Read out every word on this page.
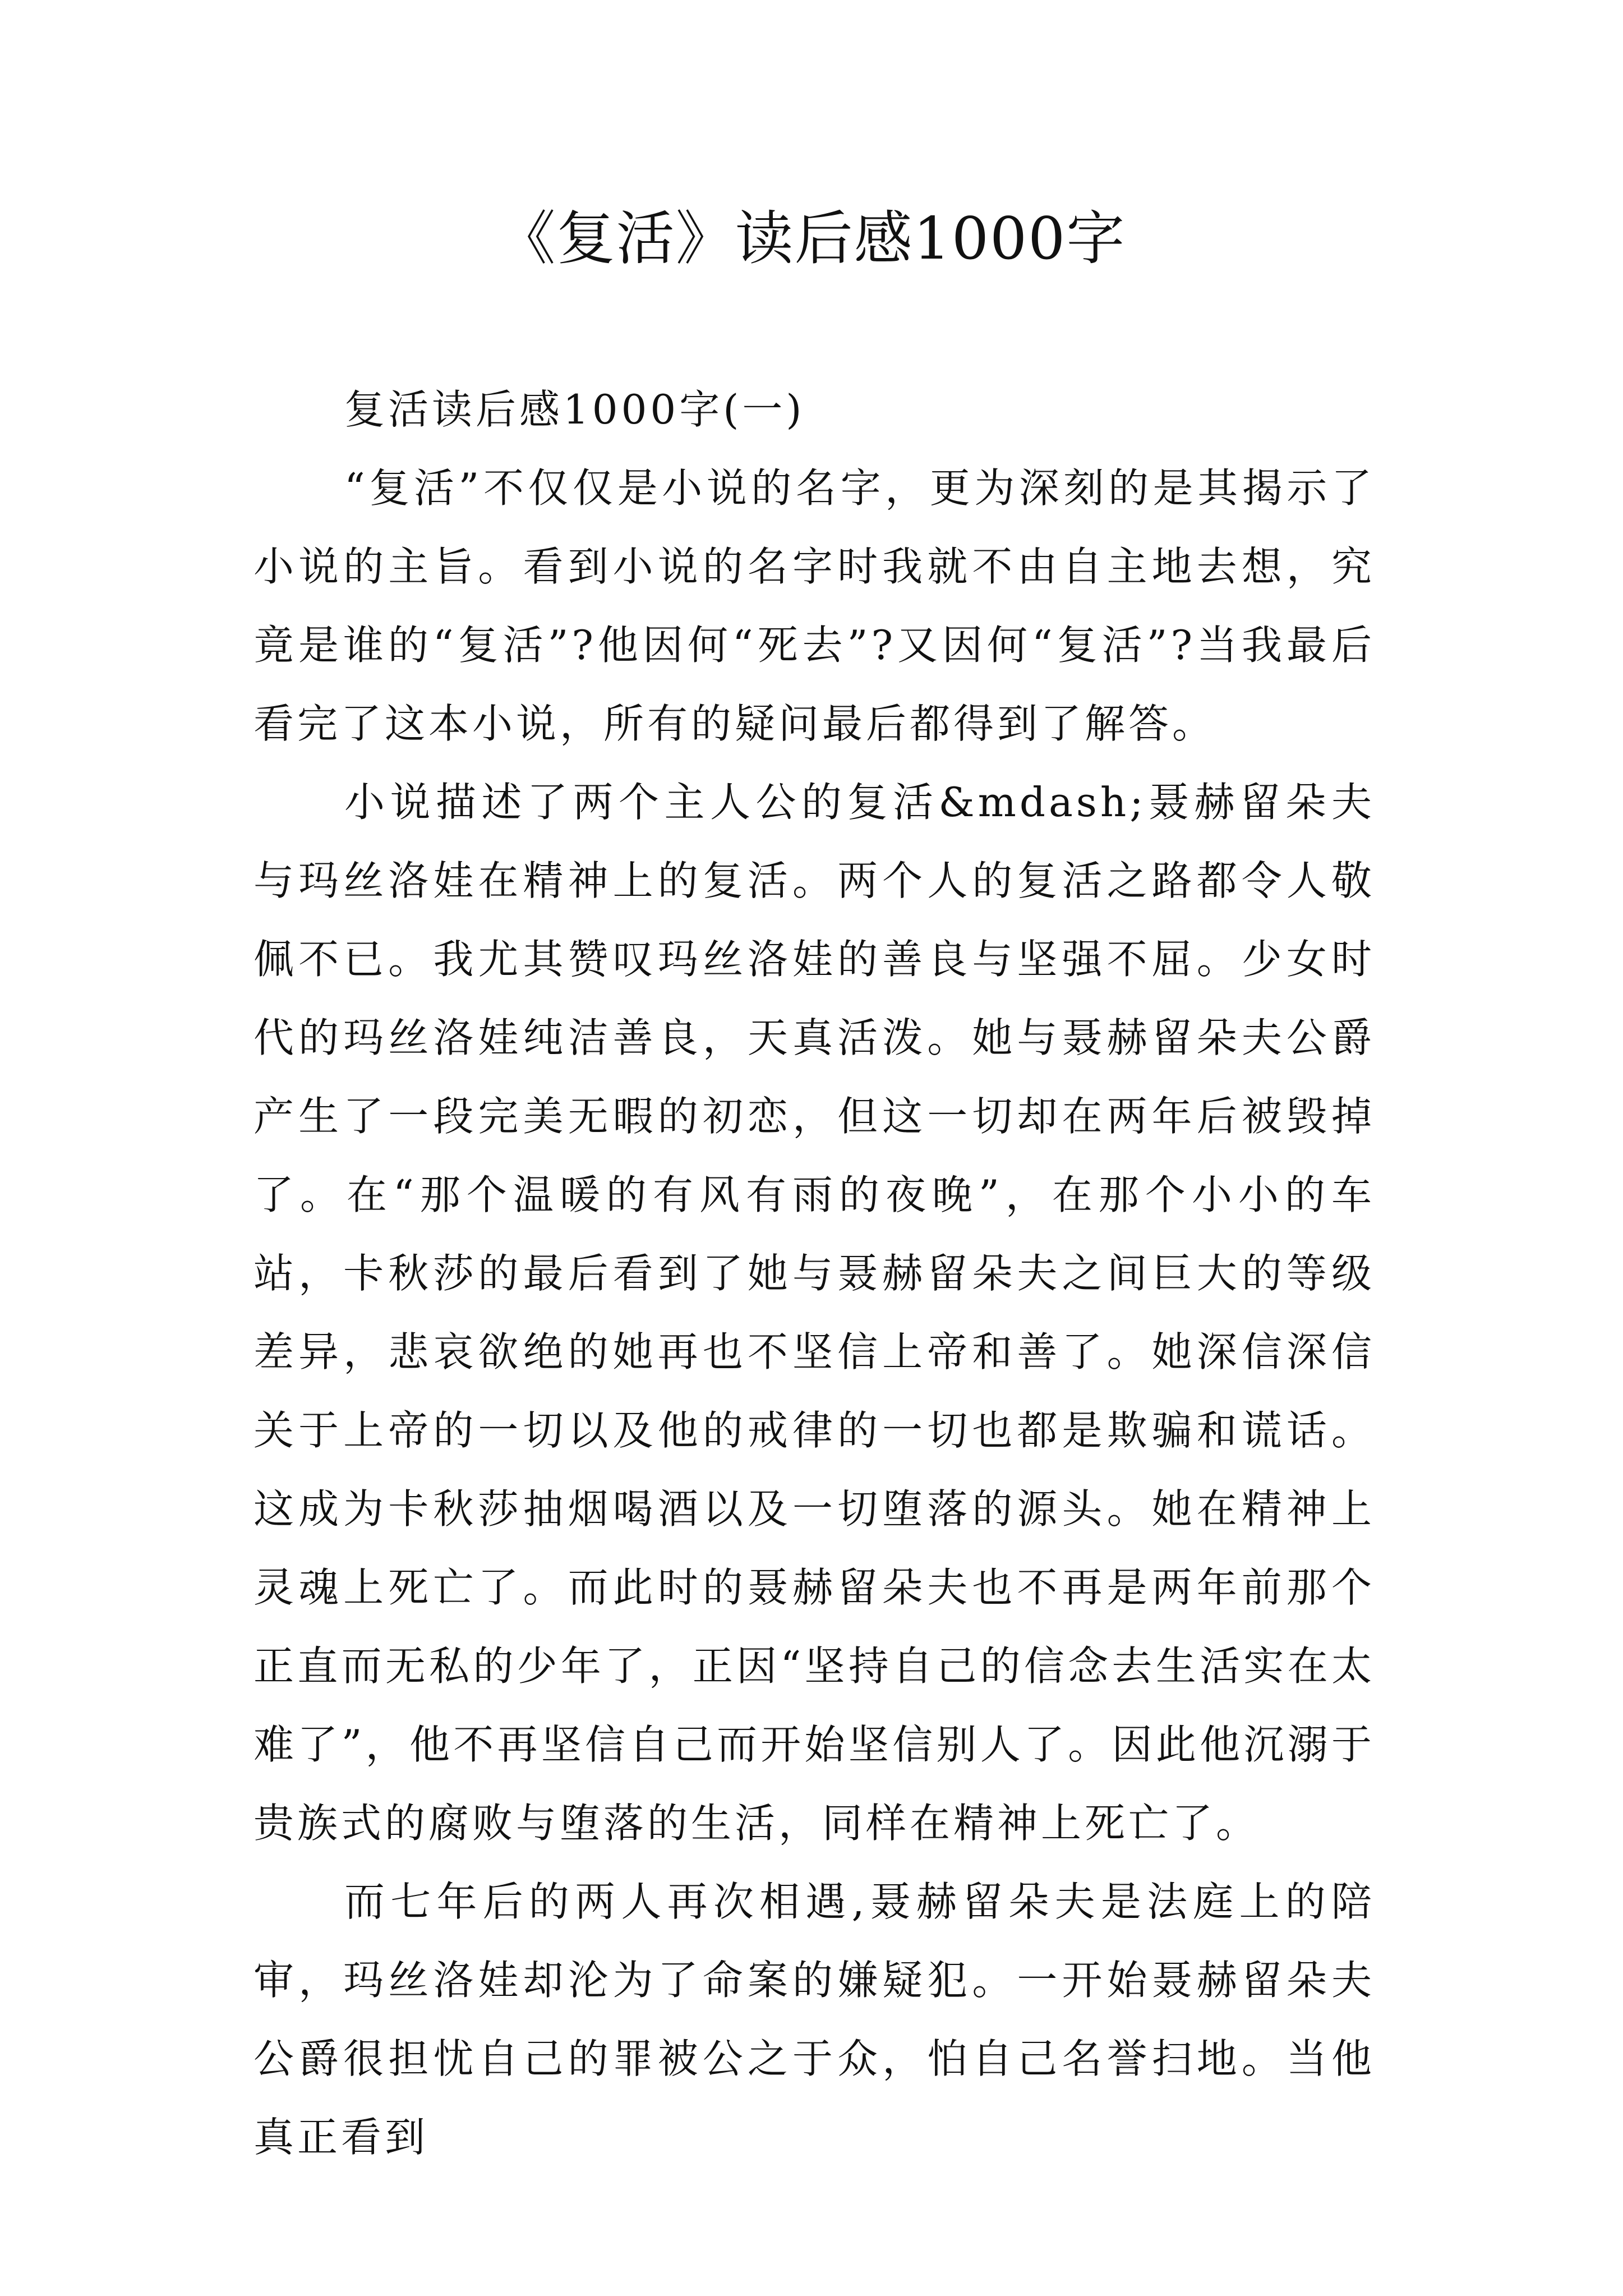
《复活》读后感1000字

复活读后感1000字(一)

“复活”不仅仅是小说的名字，更为深刻的是其揭示了小说的主旨。看到小说的名字时我就不由自主地去想，究竟是谁的“复活”?他因何“死去”?又因何“复活”?当我最后看完了这本小说，所有的疑问最后都得到了解答。

小说描述了两个主人公的复活&mdash;聂赫留朵夫与玛丝洛娃在精神上的复活。两个人的复活之路都令人敬佩不已。我尤其赞叹玛丝洛娃的善良与坚强不屈。少女时代的玛丝洛娃纯洁善良，天真活泼。她与聂赫留朵夫公爵产生了一段完美无暇的初恋，但这一切却在两年后被毁掉了。在“那个温暖的有风有雨的夜晚”，在那个小小的车站，卡秋莎的最后看到了她与聂赫留朵夫之间巨大的等级差异，悲哀欲绝的她再也不坚信上帝和善了。她深信深信关于上帝的一切以及他的戒律的一切也都是欺骗和谎话。这成为卡秋莎抽烟喝酒以及一切堕落的源头。她在精神上灵魂上死亡了。而此时的聂赫留朵夫也不再是两年前那个正直而无私的少年了，正因“坚持自己的信念去生活实在太难了”，他不再坚信自己而开始坚信别人了。因此他沉溺于贵族式的腐败与堕落的生活，同样在精神上死亡了。

而七年后的两人再次相遇,聂赫留朵夫是法庭上的陪审，玛丝洛娃却沦为了命案的嫌疑犯。一开始聂赫留朵夫公爵很担忧自己的罪被公之于众，怕自己名誉扫地。当他真正看到
